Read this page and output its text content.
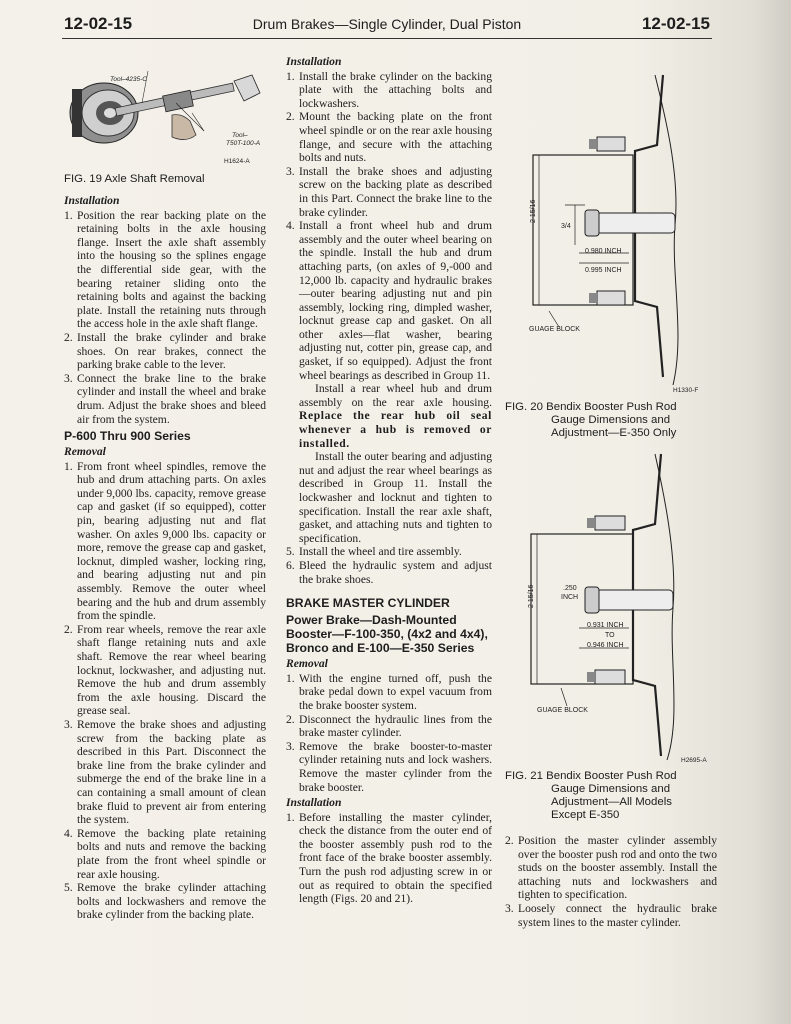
12-02-15	Drum Brakes—Single Cylinder, Dual Piston	12-02-15
Tool–4235-C
Tool–
T50T-100-A
H1624-A
FIG. 19 Axle Shaft Removal
Installation
1. Position the rear backing plate on the retaining bolts in the axle housing flange. Insert the axle shaft assembly into the housing so the splines engage the differential side gear, with the bearing retainer sliding onto the retaining bolts and against the backing plate. Install the retaining nuts through the access hole in the axle shaft flange.
2. Install the brake cylinder and brake shoes. On rear brakes, connect the parking brake cable to the lever.
3. Connect the brake line to the brake cylinder and install the wheel and brake drum. Adjust the brake shoes and bleed air from the system.
P-600 Thru 900 Series
Removal
1. From front wheel spindles, remove the hub and drum attaching parts. On axles under 9,000 lbs. capacity, remove grease cap and gasket (if so equipped), cotter pin, bearing adjusting nut and flat washer. On axles 9,000 lbs. capacity or more, remove the grease cap and gasket, locknut, dimpled washer, locking ring, and bearing adjusting nut and pin assembly. Remove the outer wheel bearing and the hub and drum assembly from the spindle.
2. From rear wheels, remove the rear axle shaft flange retaining nuts and axle shaft. Remove the rear wheel bearing locknut, lockwasher, and adjusting nut. Remove the hub and drum assembly from the axle housing. Discard the grease seal.
3. Remove the brake shoes and adjusting screw from the backing plate as described in this Part. Disconnect the brake line from the brake cylinder and submerge the end of the brake line in a can containing a small amount of clean brake fluid to prevent air from entering the system.
4. Remove the backing plate retaining bolts and nuts and remove the backing plate from the front wheel spindle or rear axle housing.
5. Remove the brake cylinder attaching bolts and lockwashers and remove the brake cylinder from the backing plate.
Installation
1. Install the brake cylinder on the backing plate with the attaching bolts and lockwashers.
2. Mount the backing plate on the front wheel spindle or on the rear axle housing flange, and secure with the attaching bolts and nuts.
3. Install the brake shoes and adjusting screw on the backing plate as described in this Part. Connect the brake line to the brake cylinder.
4. Install a front wheel hub and drum assembly and the outer wheel bearing on the spindle. Install the hub and drum attaching parts, (on axles of 9,-000 and 12,000 lb. capacity and hydraulic brakes—outer bearing adjusting nut and pin assembly, locking ring, dimpled washer, locknut grease cap and gasket. On all other axles—flat washer, bearing adjusting nut, cotter pin, grease cap, and gasket, if so equipped). Adjust the front wheel bearings as described in Group 11.
Install a rear wheel hub and drum assembly on the rear axle housing. Replace the rear hub oil seal whenever a hub is removed or installed.
Install the outer bearing and adjusting nut and adjust the rear wheel bearings as described in Group 11. Install the lockwasher and locknut and tighten to specification. Install the rear axle shaft, gasket, and attaching nuts and tighten to specification.
5. Install the wheel and tire assembly.
6. Bleed the hydraulic system and adjust the brake shoes.
BRAKE MASTER CYLINDER
Power Brake—Dash-Mounted Booster—F-100-350, (4x2 and 4x4), Bronco and E-100—E-350 Series
Removal
1. With the engine turned off, push the brake pedal down to expel vacuum from the brake booster system.
2. Disconnect the hydraulic lines from the brake master cylinder.
3. Remove the brake booster-to-master cylinder retaining nuts and lock washers. Remove the master cylinder from the brake booster.
Installation
1. Before installing the master cylinder, check the distance from the outer end of the booster assembly push rod to the front face of the brake booster assembly. Turn the push rod adjusting screw in or out as required to obtain the specified length (Figs. 20 and 21).
2 15/16
3/4
0.980 INCH
0.995 INCH
GUAGE BLOCK
H1330-F
FIG. 20 Bendix Booster Push Rod
Gauge Dimensions and
Adjustment—E-350 Only
2 15/16	.250
INCH
0.931 INCH
TO
0.946 INCH
GUAGE BLOCK
H2695-A
FIG. 21 Bendix Booster Push Rod
Gauge Dimensions and
Adjustment—All Models
Except E-350
2. Position the master cylinder assembly over the booster push rod and onto the two studs on the booster assembly. Install the attaching nuts and lockwashers and tighten to specification.
3. Loosely connect the hydraulic brake system lines to the master cylinder.
